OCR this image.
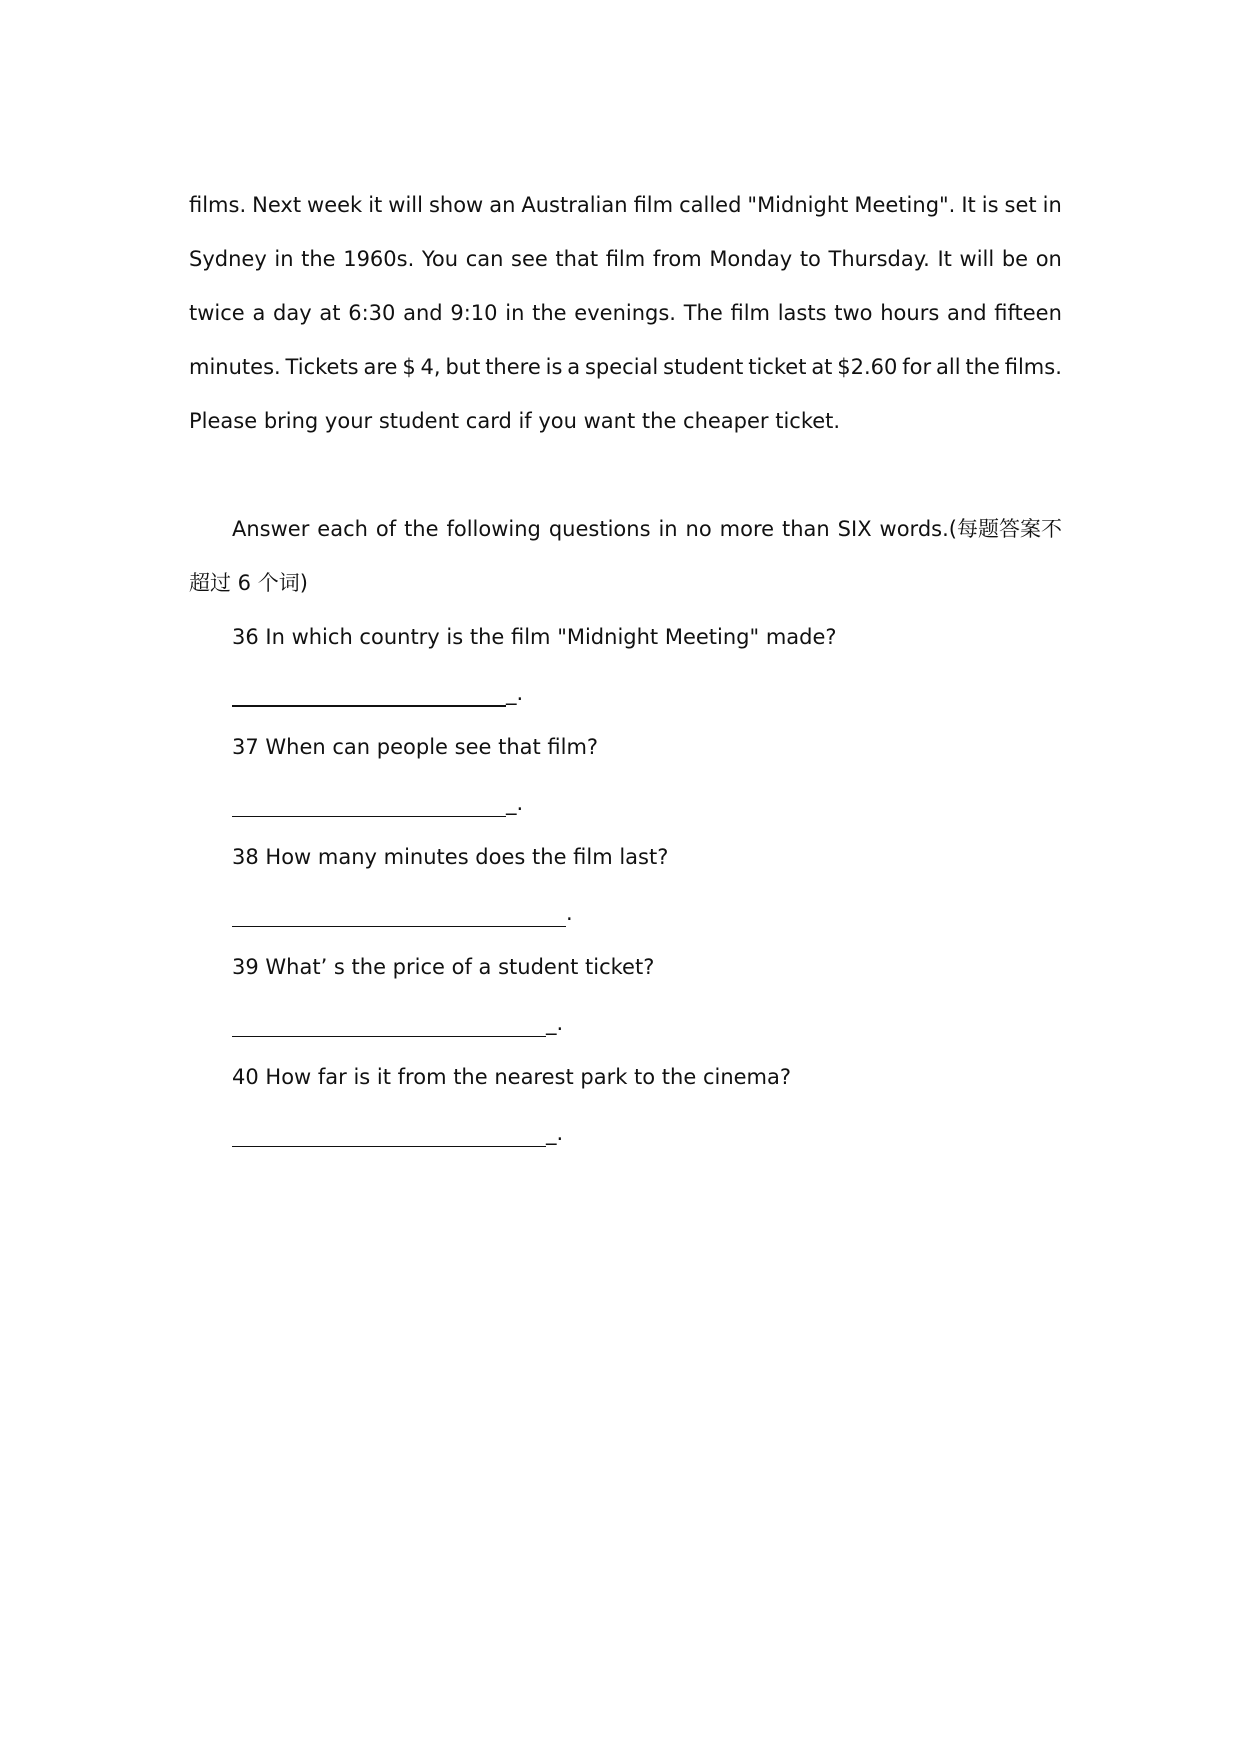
films. Next week it will show an Australian film called "Midnight Meeting". It is set in
Sydney in the 1960s. You can see that film from Monday to Thursday. It will be on
twice a day at 6:30 and 9:10 in the evenings. The film lasts two hours and fifteen
minutes. Tickets are $ 4, but there is a special student ticket at $2.60 for all the films.
Please bring your student card if you want the cheaper ticket.
Answer each of the following questions in no more than SIX words.(每题答案不
超过 6 个词)
36 In which country is the film "Midnight Meeting" made?
_.
37 When can people see that film?
_.
38 How many minutes does the film last?
.
39 What’ s the price of a student ticket?
_.
40 How far is it from the nearest park to the cinema?
_.
